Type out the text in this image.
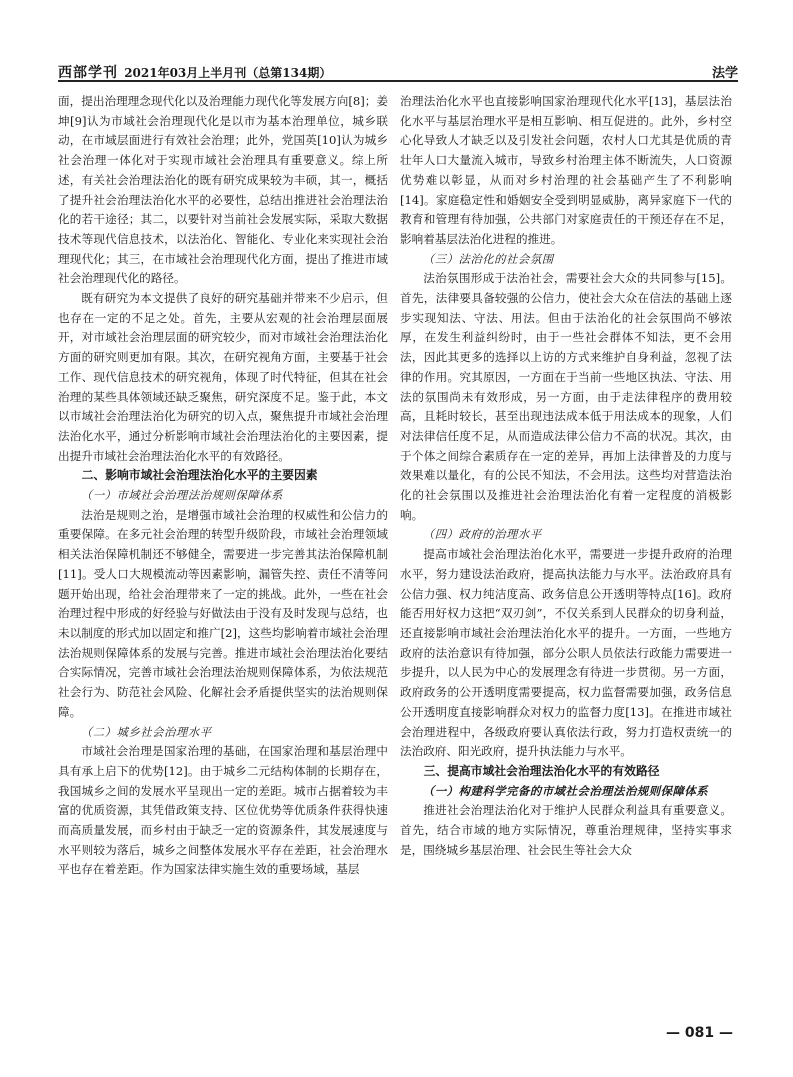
西部学刊 2021年03月上半月刊（总第134期）	法学

面，提出治理理念现代化以及治理能力现代化等发展方向[8]；姜坤[9]认为市域社会治理现代化是以市为基本治理单位，城乡联动，在市域层面进行有效社会治理；此外，党国英[10]认为城乡社会治理一体化对于实现市域社会治理具有重要意义。综上所述，有关社会治理法治化的既有研究成果较为丰硕，其一，概括了提升社会治理法治化水平的必要性，总结出推进社会治理法治化的若干途径；其二，以要针对当前社会发展实际，采取大数据技术等现代信息技术，以法治化、智能化、专业化来实现社会治理现代化；其三，在市域社会治理现代化方面，提出了推进市域社会治理现代化的路径。

既有研究为本文提供了良好的研究基础并带来不少启示，但也存在一定的不足之处。首先，主要从宏观的社会治理层面展开，对市域社会治理层面的研究较少，而对市域社会治理法治化方面的研究则更加有限。其次，在研究视角方面，主要基于社会工作、现代信息技术的研究视角，体现了时代特征，但其在社会治理的某些具体领域还缺乏聚焦，研究深度不足。鉴于此，本文以市域社会治理法治化为研究的切入点，聚焦提升市域社会治理法治化水平，通过分析影响市域社会治理法治化的主要因素，提出提升市域社会治理法治化水平的有效路径。

二、影响市域社会治理法治化水平的主要因素
（一）市域社会治理法治规则保障体系

法治是规则之治，是增强市域社会治理的权威性和公信力的重要保障。在多元社会治理的转型升级阶段，市域社会治理领域相关法治保障机制还不够健全，需要进一步完善其法治保障机制[11]。受人口大规模流动等因素影响，漏管失控、责任不清等问题开始出现，给社会治理带来了一定的挑战。此外，一些在社会治理过程中形成的好经验与好做法由于没有及时发现与总结，也未以制度的形式加以固定和推广[2]，这些均影响着市域社会治理法治规则保障体系的发展与完善。推进市域社会治理法治化要结合实际情况，完善市域社会治理法治规则保障体系，为依法规范社会行为、防范社会风险、化解社会矛盾提供坚实的法治规则保障。

（二）城乡社会治理水平

市域社会治理是国家治理的基础，在国家治理和基层治理中具有承上启下的优势[12]。由于城乡二元结构体制的长期存在，我国城乡之间的发展水平呈现出一定的差距。城市占据着较为丰富的优质资源，其凭借政策支持、区位优势等优质条件获得快速而高质量发展，而乡村由于缺乏一定的资源条件，其发展速度与水平则较为落后，城乡之间整体发展水平存在差距，社会治理水平也存在着差距。作为国家法律实施生效的重要场域，基层

治理法治化水平也直接影响国家治理现代化水平[13]，基层法治化水平与基层治理水平是相互影响、相互促进的。此外，乡村空心化导致人才缺乏以及引发社会问题，农村人口尤其是优质的青壮年人口大量流入城市，导致乡村治理主体不断流失，人口资源优势难以彰显，从而对乡村治理的社会基础产生了不利影响[14]。家庭稳定性和婚姻安全受到明显威胁，离异家庭下一代的教育和管理有待加强，公共部门对家庭责任的干预还存在不足，影响着基层法治化进程的推进。

（三）法治化的社会氛围

法治氛围形成于法治社会，需要社会大众的共同参与[15]。首先，法律要具备较强的公信力，使社会大众在信法的基础上逐步实现知法、守法、用法。但由于法治化的社会氛围尚不够浓厚，在发生利益纠纷时，由于一些社会群体不知法，更不会用法，因此其更多的选择以上访的方式来维护自身利益，忽视了法律的作用。究其原因，一方面在于当前一些地区执法、守法、用法的氛围尚未有效形成，另一方面，由于走法律程序的费用较高，且耗时较长，甚至出现违法成本低于用法成本的现象，人们对法律信任度不足，从而造成法律公信力不高的状况。其次，由于个体之间综合素质存在一定的差异，再加上法律普及的力度与效果难以量化，有的公民不知法，不会用法。这些均对营造法治化的社会氛围以及推进社会治理法治化有着一定程度的消极影响。

（四）政府的治理水平

提高市域社会治理法治化水平，需要进一步提升政府的治理水平，努力建设法治政府，提高执法能力与水平。法治政府具有公信力强、权力纯洁度高、政务信息公开透明等特点[16]。政府能否用好权力这把“双刃剑”，不仅关系到人民群众的切身利益，还直接影响市域社会治理法治化水平的提升。一方面，一些地方政府的法治意识有待加强，部分公职人员依法行政能力需要进一步提升，以人民为中心的发展理念有待进一步贯彻。另一方面，政府政务的公开透明度需要提高，权力监督需要加强，政务信息公开透明度直接影响群众对权力的监督力度[13]。在推进市域社会治理进程中，各级政府要认真依法行政，努力打造权责统一的法治政府、阳光政府，提升执法能力与水平。

三、提高市域社会治理法治化水平的有效路径
（一）构建科学完备的市域社会治理法治规则保障体系

推进社会治理法治化对于维护人民群众利益具有重要意义。首先，结合市域的地方实际情况，尊重治理规律，坚持实事求是，围绕城乡基层治理、社会民生等社会大众

— 081 —
